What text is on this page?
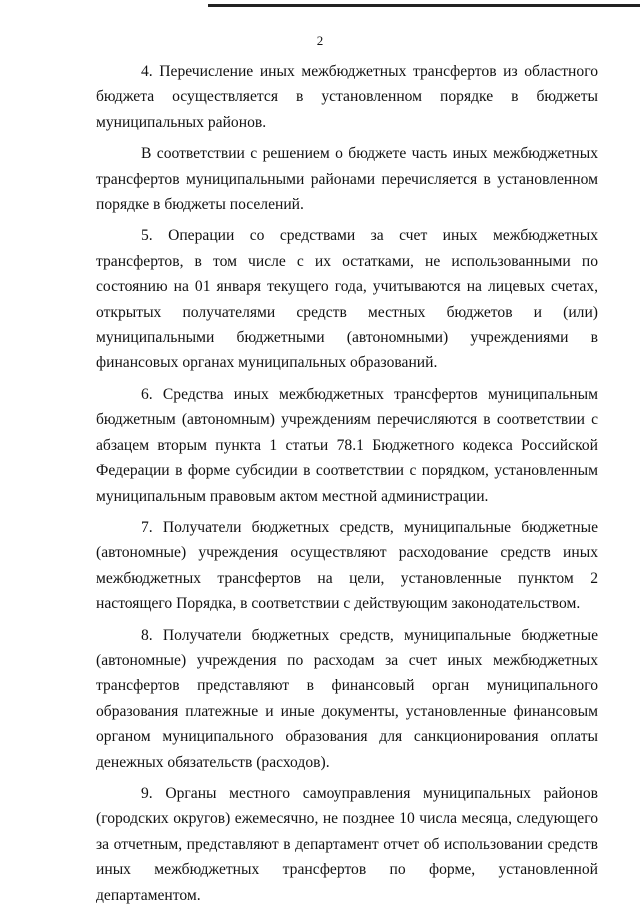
2

4. Перечисление иных межбюджетных трансфертов из областного бюджета осуществляется в установленном порядке в бюджеты муниципальных районов.

В соответствии с решением о бюджете часть иных межбюджетных трансфертов муниципальными районами перечисляется в установленном порядке в бюджеты поселений.

5. Операции со средствами за счет иных межбюджетных трансфертов, в том числе с их остатками, не использованными по состоянию на 01 января текущего года, учитываются на лицевых счетах, открытых получателями средств местных бюджетов и (или) муниципальными бюджетными (автономными) учреждениями в финансовых органах муниципальных образований.

6. Средства иных межбюджетных трансфертов муниципальным бюджетным (автономным) учреждениям перечисляются в соответствии с абзацем вторым пункта 1 статьи 78.1 Бюджетного кодекса Российской Федерации в форме субсидии в соответствии с порядком, установленным муниципальным правовым актом местной администрации.

7. Получатели бюджетных средств, муниципальные бюджетные (автономные) учреждения осуществляют расходование средств иных межбюджетных трансфертов на цели, установленные пунктом 2 настоящего Порядка, в соответствии с действующим законодательством.

8. Получатели бюджетных средств, муниципальные бюджетные (автономные) учреждения по расходам за счет иных межбюджетных трансфертов представляют в финансовый орган муниципального образования платежные и иные документы, установленные финансовым органом муниципального образования для санкционирования оплаты денежных обязательств (расходов).

9. Органы местного самоуправления муниципальных районов (городских округов) ежемесячно, не позднее 10 числа месяца, следующего за отчетным, представляют в департамент отчет об использовании средств иных межбюджетных трансфертов по форме, установленной департаментом.
